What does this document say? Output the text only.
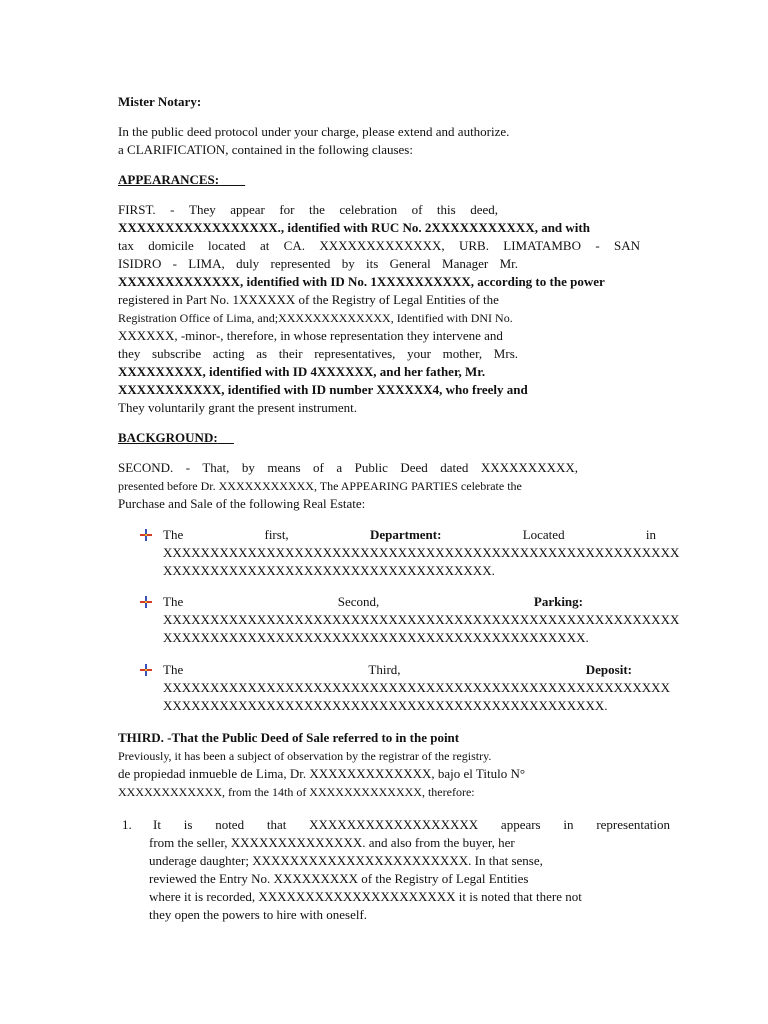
Mister Notary:
In the public deed protocol under your charge, please extend and authorize.
a CLARIFICATION, contained in the following clauses:
APPEARANCES:
FIRST. - They appear for the celebration of this deed,
XXXXXXXXXXXXXXXXX., identified with RUC No. 2XXXXXXXXXXX, and with
tax domicile located at CA. XXXXXXXXXXXXX, URB. LIMATAMBO - SAN
ISIDRO - LIMA, duly represented by its General Manager Mr.
XXXXXXXXXXXXX, identified with ID No. 1XXXXXXXXXX, according to the power
registered in Part No. 1XXXXXX of the Registry of Legal Entities of the
Registration Office of Lima, and;XXXXXXXXXXXXX, Identified with DNI No.
XXXXXX, -minor-, therefore, in whose representation they intervene and
they subscribe acting as their representatives, your mother, Mrs.
XXXXXXXXX, identified with ID 4XXXXXX, and her father, Mr.
XXXXXXXXXXX, identified with ID number XXXXXX4, who freely and
They voluntarily grant the present instrument.
BACKGROUND:
SECOND. - That, by means of a Public Deed dated XXXXXXXXXX,
presented before Dr. XXXXXXXXXXX, The APPEARING PARTIES celebrate the
Purchase and Sale of the following Real Estate:
The	first,	Department:	Located	in
XXXXXXXXXXXXXXXXXXXXXXXXXXXXXXXXXXXXXXXXXXXXXXXXXXXXXXX
XXXXXXXXXXXXXXXXXXXXXXXXXXXXXXXXXXX.
The	Second,	Parking:
XXXXXXXXXXXXXXXXXXXXXXXXXXXXXXXXXXXXXXXXXXXXXXXXXXXXXXX
XXXXXXXXXXXXXXXXXXXXXXXXXXXXXXXXXXXXXXXXXXXXX.
The	Third,	Deposit:
XXXXXXXXXXXXXXXXXXXXXXXXXXXXXXXXXXXXXXXXXXXXXXXXXXXXXX
XXXXXXXXXXXXXXXXXXXXXXXXXXXXXXXXXXXXXXXXXXXXXXX.
THIRD. -That the Public Deed of Sale referred to in the point
Previously, it has been a subject of observation by the registrar of the registry.
de propiedad inmueble de Lima, Dr. XXXXXXXXXXXXX, bajo el Titulo N°
XXXXXXXXXXXX, from the 14th of XXXXXXXXXXXXX, therefore:
1. It is noted that XXXXXXXXXXXXXXXXXX appears in representation
from the seller, XXXXXXXXXXXXXX. and also from the buyer, her
underage daughter; XXXXXXXXXXXXXXXXXXXXXXX. In that sense,
reviewed the Entry No. XXXXXXXXX of the Registry of Legal Entities
where it is recorded, XXXXXXXXXXXXXXXXXXXXX it is noted that there not
they open the powers to hire with oneself.
